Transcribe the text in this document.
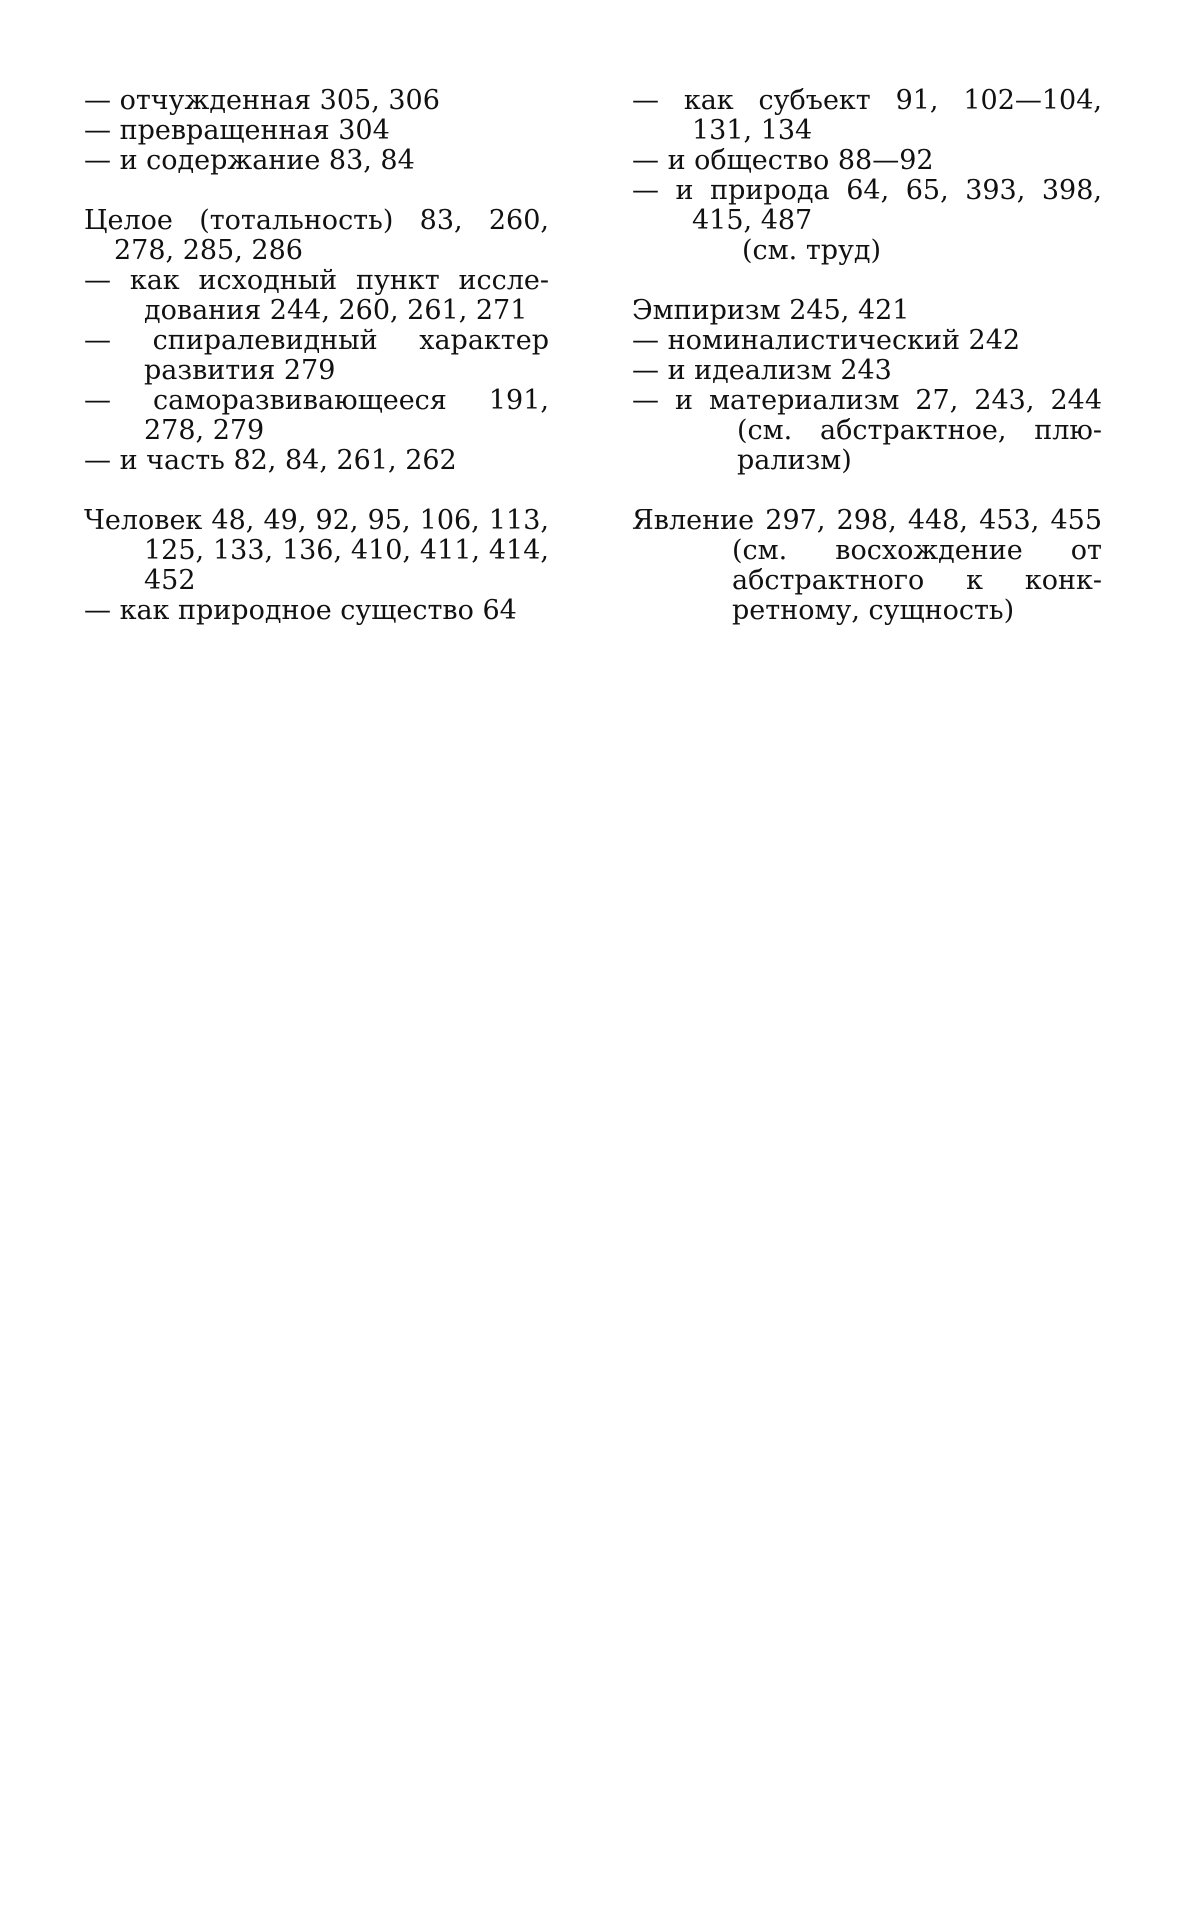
— отчужденная 305, 306
— превращенная 304
— и содержание 83, 84
Целое (тотальность) 83, 260,
278, 285, 286
— как исходный пункт иссле-
дования 244, 260, 261, 271
— спиралевидный характер
развития 279
— саморазвивающееся 191,
278, 279
— и часть 82, 84, 261, 262
Человек 48, 49, 92, 95, 106, 113,
125, 133, 136, 410, 411, 414,
452
— как природное существо 64
— как субъект 91, 102—104,
131, 134
— и общество 88—92
— и природа 64, 65, 393, 398,
415, 487
(см. труд)
Эмпиризм 245, 421
— номиналистический 242
— и идеализм 243
— и материализм 27, 243, 244
(см. абстрактное, плю-
рализм)
Явление 297, 298, 448, 453, 455
(см. восхождение от
абстрактного к конк-
ретному, сущность)
